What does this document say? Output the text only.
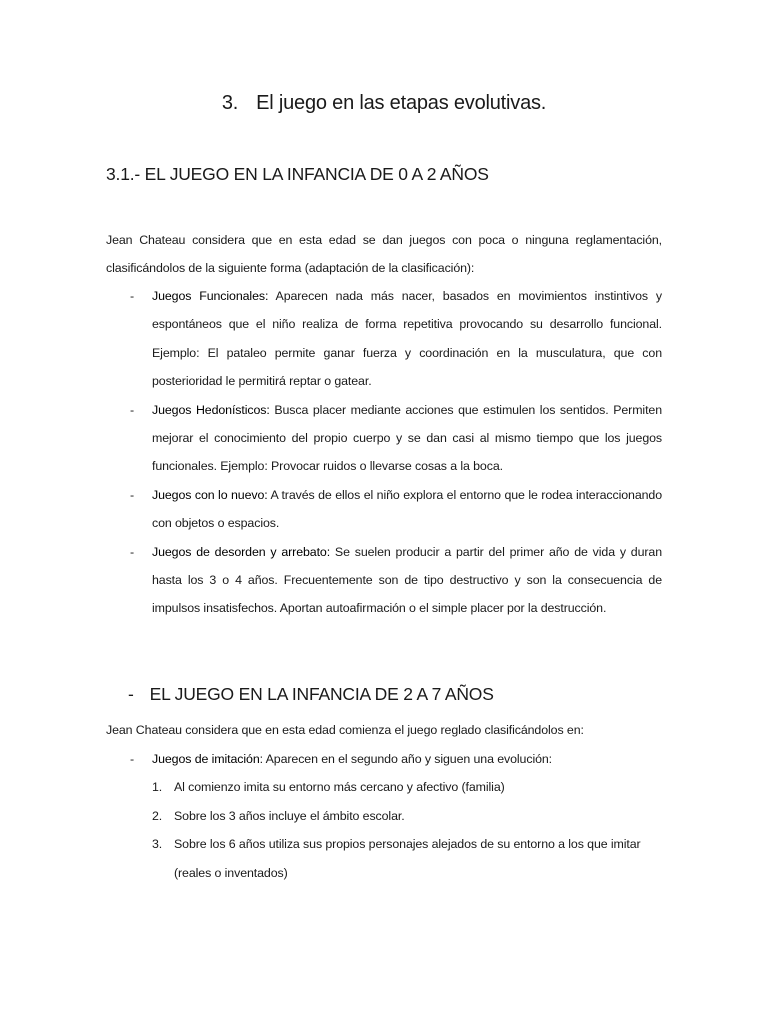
3. El juego en las etapas evolutivas.
3.1.- EL JUEGO EN LA INFANCIA DE 0 A 2 AÑOS
Jean Chateau considera que en esta edad se dan juegos con poca o ninguna reglamentación, clasificándolos de la siguiente forma (adaptación de la clasificación):
- Juegos Funcionales: Aparecen nada más nacer, basados en movimientos instintivos y espontáneos que el niño realiza de forma repetitiva provocando su desarrollo funcional. Ejemplo: El pataleo permite ganar fuerza y coordinación en la musculatura, que con posterioridad le permitirá reptar o gatear.
- Juegos Hedonísticos: Busca placer mediante acciones que estimulen los sentidos. Permiten mejorar el conocimiento del propio cuerpo y se dan casi al mismo tiempo que los juegos funcionales. Ejemplo: Provocar ruidos o llevarse cosas a la boca.
- Juegos con lo nuevo: A través de ellos el niño explora el entorno que le rodea interaccionando con objetos o espacios.
- Juegos de desorden y arrebato: Se suelen producir a partir del primer año de vida y duran hasta los 3 o 4 años. Frecuentemente son de tipo destructivo y son la consecuencia de impulsos insatisfechos. Aportan autoafirmación o el simple placer por la destrucción.
- EL JUEGO EN LA INFANCIA DE 2 A 7 AÑOS
Jean Chateau considera que en esta edad comienza el juego reglado clasificándolos en:
- Juegos de imitación: Aparecen en el segundo año y siguen una evolución:
1. Al comienzo imita su entorno más cercano y afectivo (familia)
2. Sobre los 3 años incluye el ámbito escolar.
3. Sobre los 6 años utiliza sus propios personajes alejados de su entorno a los que imitar (reales o inventados)
